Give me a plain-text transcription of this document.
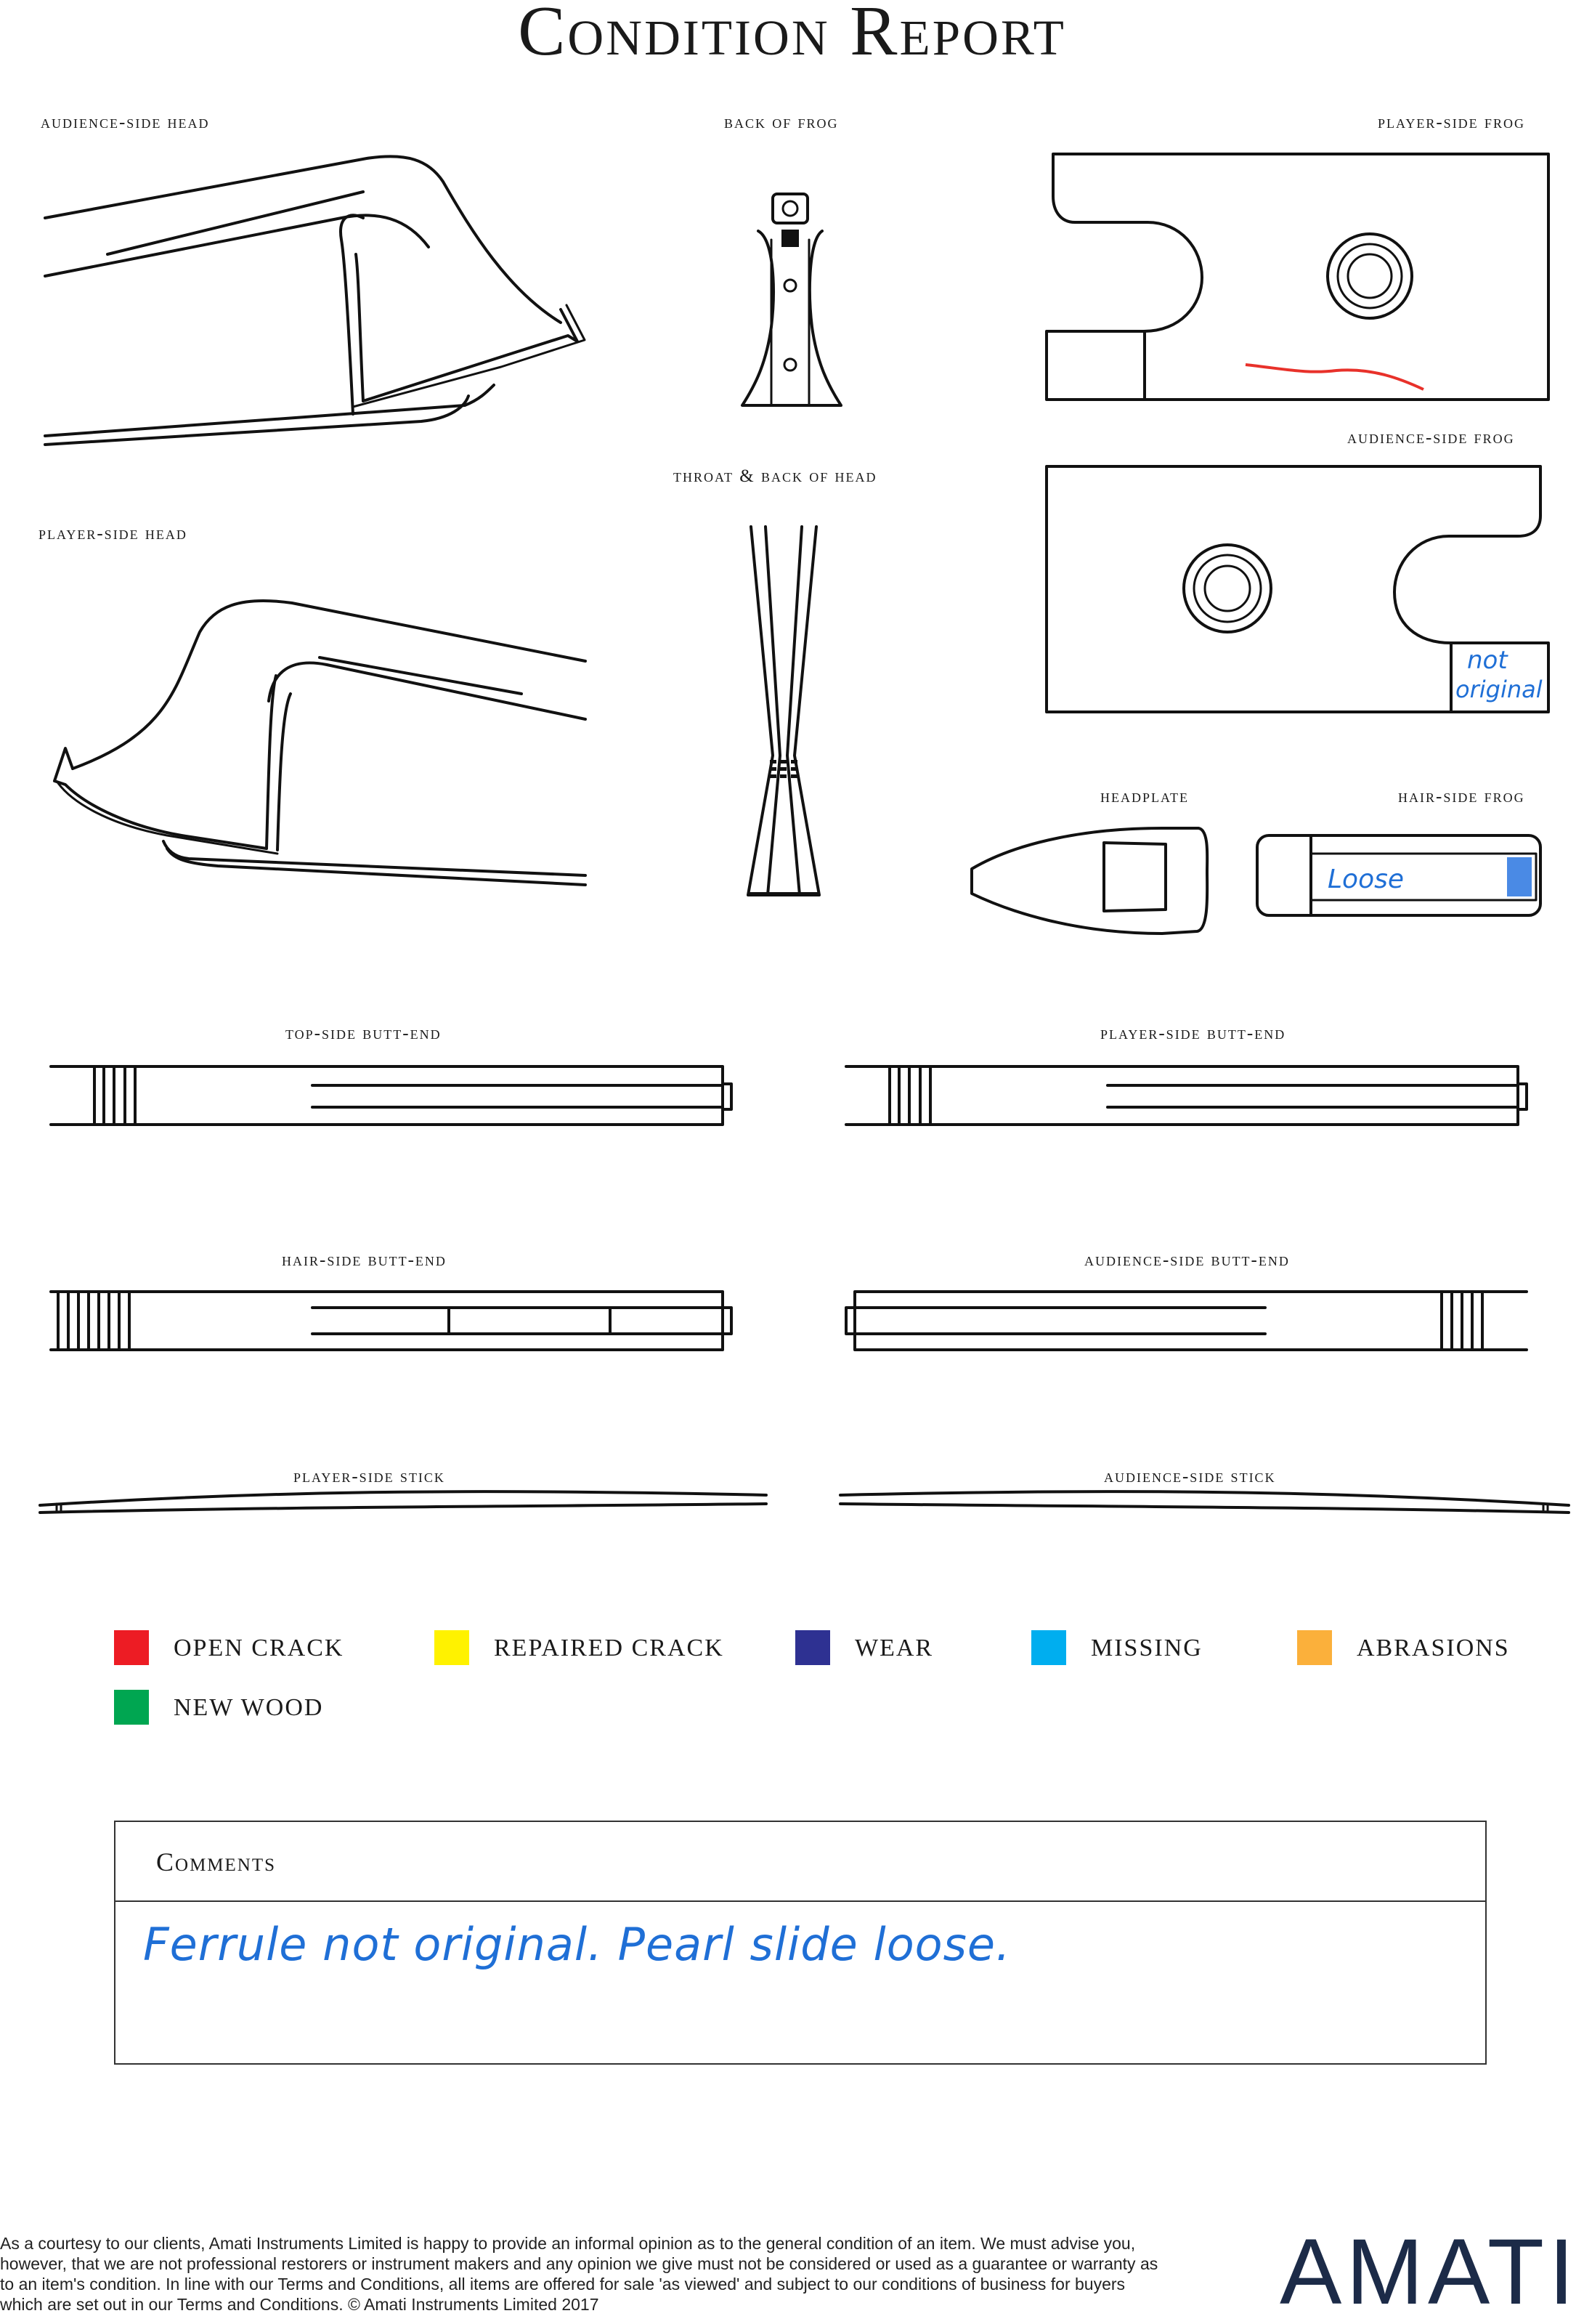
Condition Report
audience-side head	back of frog	player-side frog
audience-side frog
throat & back of head
player-side head
headplate	hair-side frog
top-side butt-end	player-side butt-end
hair-side butt-end	audience-side butt-end
player-side stick	audience-side stick
not
original
Loose
OPEN CRACK	REPAIRED CRACK	WEAR	MISSING	ABRASIONS
NEW WOOD
Comments
Ferrule not original. Pearl slide loose.
As a courtesy to our clients, Amati Instruments Limited is happy to provide an informal opinion as to the general condition of an item. We must advise you, however, that we are not professional restorers or instrument makers and any opinion we give must not be considered or used as a guarantee or warranty as to an item's condition. In line with our Terms and Conditions, all items are offered for sale 'as viewed' and subject to our conditions of business for buyers which are set out in our Terms and Conditions. © Amati Instruments Limited 2017	AMATI
